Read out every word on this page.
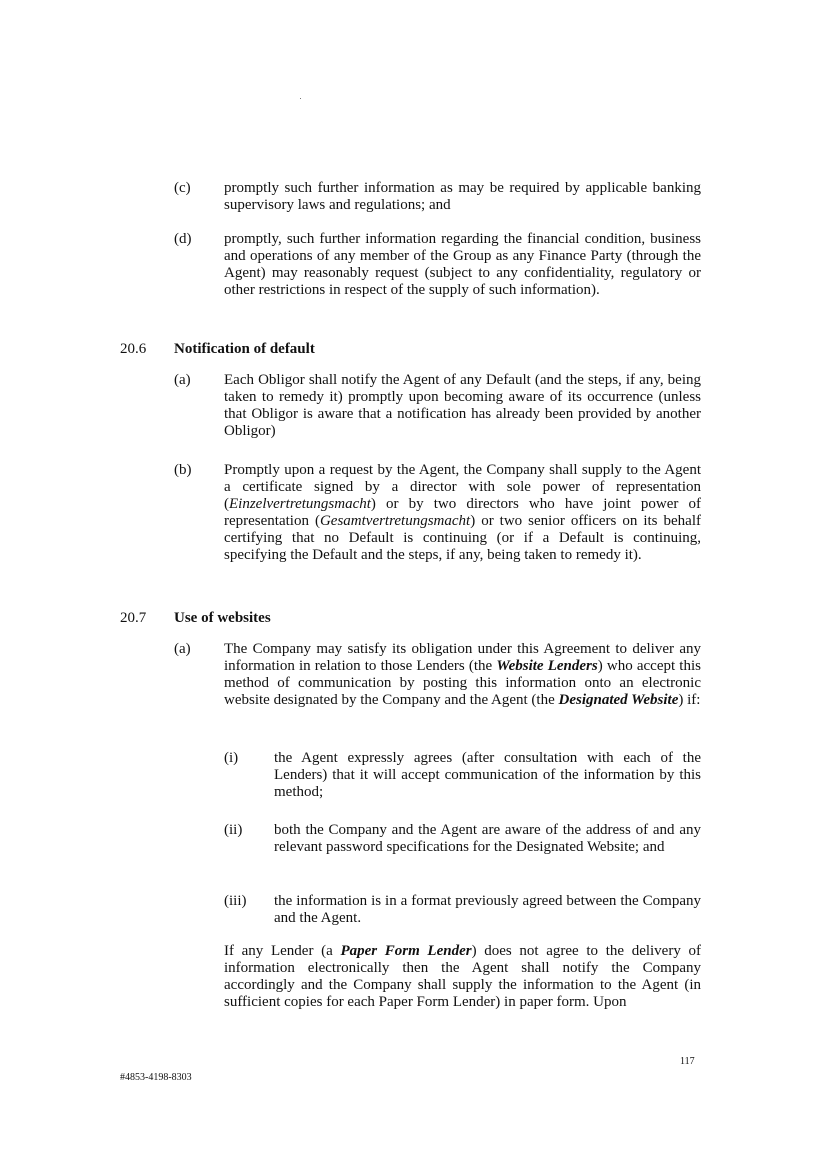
(c) promptly such further information as may be required by applicable banking supervisory laws and regulations; and
(d) promptly, such further information regarding the financial condition, business and operations of any member of the Group as any Finance Party (through the Agent) may reasonably request (subject to any confidentiality, regulatory or other restrictions in respect of the supply of such information).
20.6 Notification of default
(a) Each Obligor shall notify the Agent of any Default (and the steps, if any, being taken to remedy it) promptly upon becoming aware of its occurrence (unless that Obligor is aware that a notification has already been provided by another Obligor)
(b) Promptly upon a request by the Agent, the Company shall supply to the Agent a certificate signed by a director with sole power of representation (Einzelvertretungsmacht) or by two directors who have joint power of representation (Gesamtvertretungsmacht) or two senior officers on its behalf certifying that no Default is continuing (or if a Default is continuing, specifying the Default and the steps, if any, being taken to remedy it).
20.7 Use of websites
(a) The Company may satisfy its obligation under this Agreement to deliver any information in relation to those Lenders (the Website Lenders) who accept this method of communication by posting this information onto an electronic website designated by the Company and the Agent (the Designated Website) if:
(i) the Agent expressly agrees (after consultation with each of the Lenders) that it will accept communication of the information by this method;
(ii) both the Company and the Agent are aware of the address of and any relevant password specifications for the Designated Website; and
(iii) the information is in a format previously agreed between the Company and the Agent.
If any Lender (a Paper Form Lender) does not agree to the delivery of information electronically then the Agent shall notify the Company accordingly and the Company shall supply the information to the Agent (in sufficient copies for each Paper Form Lender) in paper form. Upon
117
#4853-4198-8303
